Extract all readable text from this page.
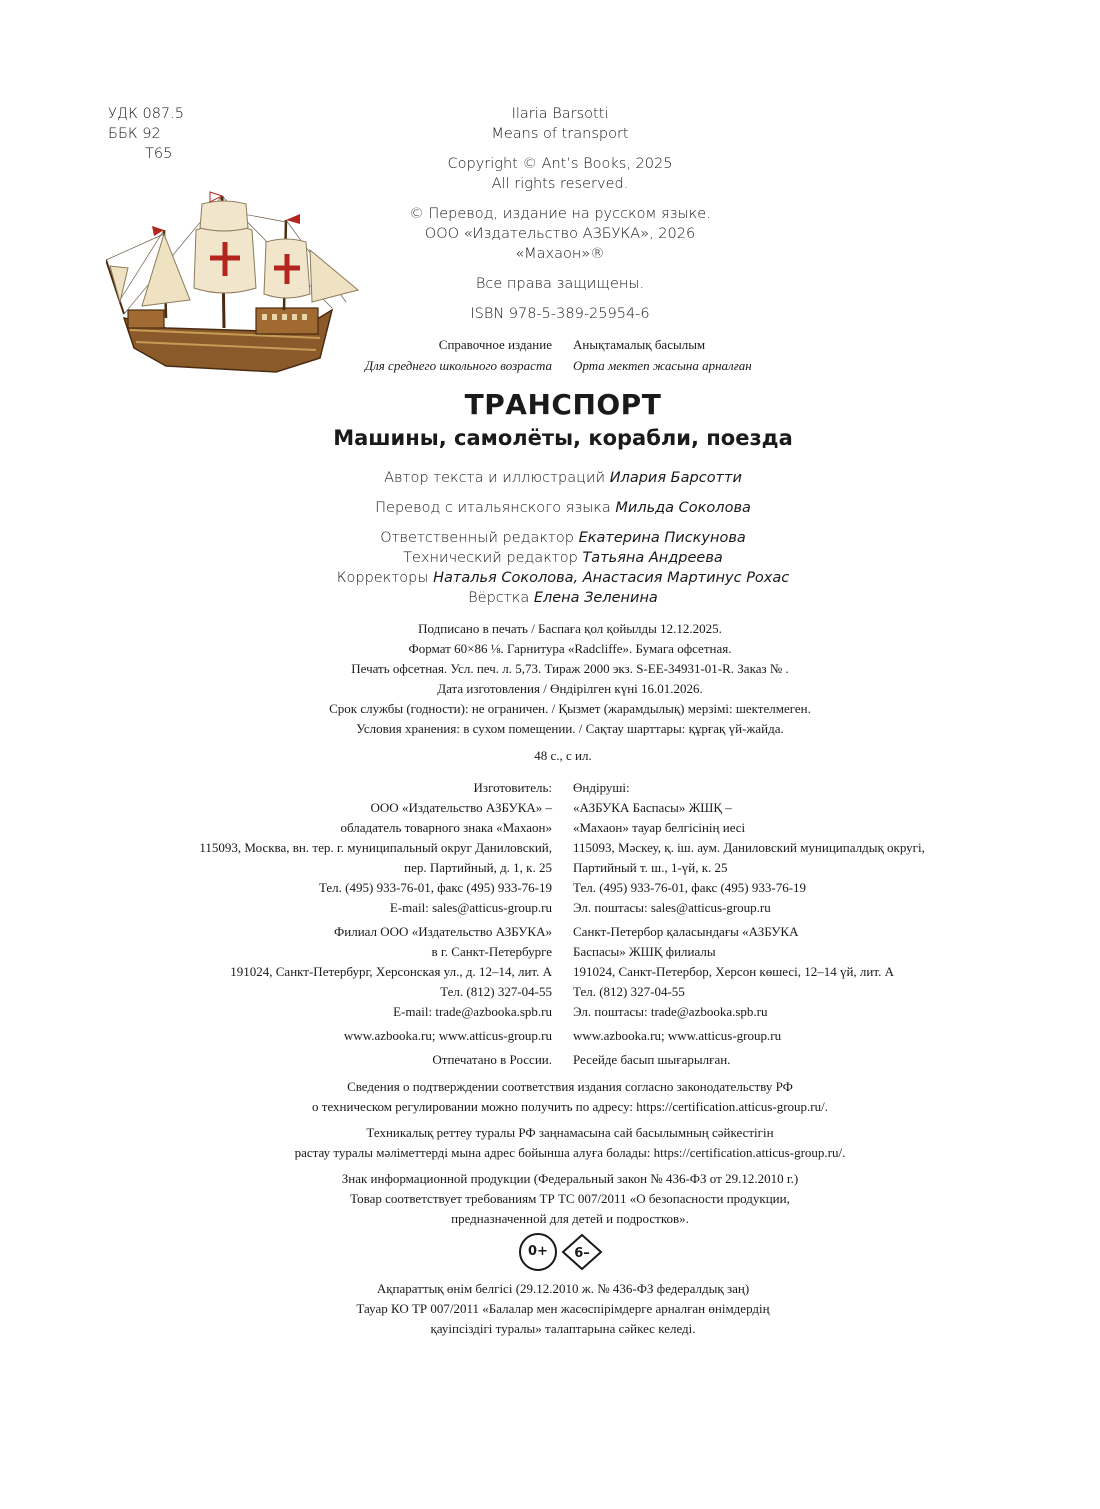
УДК 087.5
ББК 92
Т65
Ilaria Barsotti
Means of transport
Copyright © Ant’s Books, 2025
All rights reserved.
© Перевод, издание на русском языке.
ООО «Издательство АЗБУКА», 2026
«Махаон»®
Все права защищены.
ISBN 978-5-389-25954-6
Справочное издание
Для среднего школьного возраста
Анықтамалық басылым
Орта мектеп жасына арналған
ТРАНСПОРТ
Машины, самолёты, корабли, поезда
Автор текста и иллюстраций Илария Барсотти
Перевод с итальянского языка Мильда Соколова
Ответственный редактор Екатерина Пискунова
Технический редактор Татьяна Андреева
Корректоры Наталья Соколова, Анастасия Мартинус Рохас
Вёрстка Елена Зеленина
Подписано в печать / Баспаға қол қойылды 12.12.2025.
Формат 60×86 ⅛. Гарнитура «Radcliffe». Бумага офсетная.
Печать офсетная. Усл. печ. л. 5,73. Тираж 2000 экз. S-EE-34931-01-R. Заказ № .
Дата изготовления / Өндірілген күні 16.01.2026.
Срок службы (годности): не ограничен. / Қызмет (жарамдылық) мерзімі: шектелмеген.
Условия хранения: в сухом помещении. / Сақтау шарттары: құрғақ үй-жайда.
48 с., с ил.
Изготовитель:
ООО «Издательство АЗБУКА» –
обладатель товарного знака «Махаон»
115093, Москва, вн. тер. г. муниципальный округ Даниловский,
пер. Партийный, д. 1, к. 25
Тел. (495) 933-76-01, факс (495) 933-76-19
E-mail: sales@atticus-group.ru
Филиал ООО «Издательство АЗБУКА»
в г. Санкт-Петербурге
191024, Санкт-Петербург, Херсонская ул., д. 12–14, лит. А
Тел. (812) 327-04-55
E-mail: trade@azbooka.spb.ru
www.azbooka.ru; www.atticus-group.ru
Отпечатано в России.
Өндіруші:
«АЗБУКА Баспасы» ЖШҚ –
«Махаон» тауар белгісінің иесі
115093, Мәскеу, қ. іш. аум. Даниловский муниципалдық округі,
Партийный т. ш., 1-үй, к. 25
Тел. (495) 933-76-01, факс (495) 933-76-19
Эл. поштасы: sales@atticus-group.ru
Санкт-Петербор қаласындағы «АЗБУКА
Баспасы» ЖШҚ филиалы
191024, Санкт-Петербор, Херсон көшесі, 12–14 үй, лит. А
Тел. (812) 327-04-55
Эл. поштасы: trade@azbooka.spb.ru
www.azbooka.ru; www.atticus-group.ru
Ресейде басып шығарылған.
Сведения о подтверждении соответствия издания согласно законодательству РФ
о техническом регулировании можно получить по адресу: https://certification.atticus-group.ru/.
Техникалық реттеу туралы РФ заңнамасына сай басылымның сәйкестігін
растау туралы мәліметтерді мына адрес бойынша алуға болады: https://certification.atticus-group.ru/.
Знак информационной продукции (Федеральный закон № 436-ФЗ от 29.12.2010 г.)
Товар соответствует требованиям ТР ТС 007/2011 «О безопасности продукции,
предназначенной для детей и подростков».
0+	6–
Ақпараттық өнім белгісі (29.12.2010 ж. № 436-ФЗ федералдық заң)
Тауар КО ТР 007/2011 «Балалар мен жасөспірімдерге арналған өнімдердің
қауіпсіздігі туралы» талаптарына сәйкес келеді.
